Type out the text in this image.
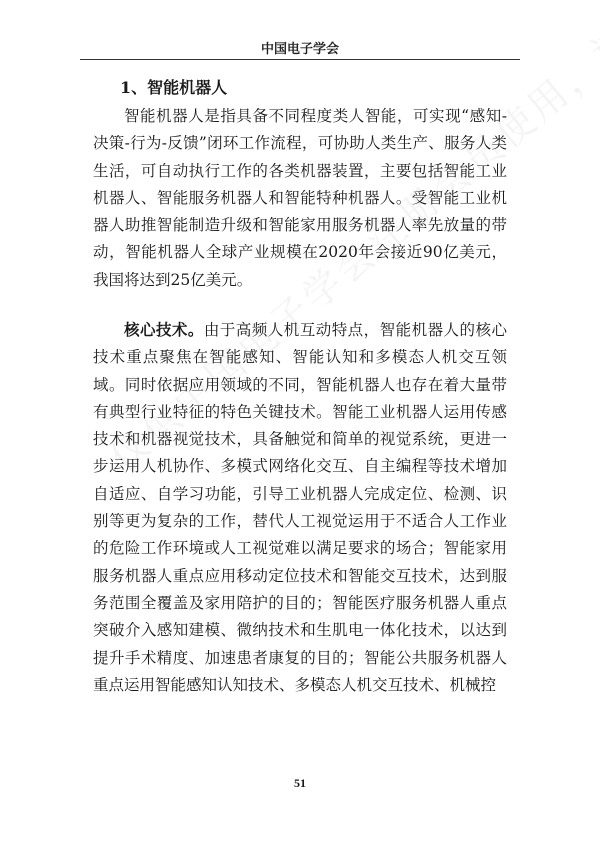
中国电子学会
1、智能机器人

智能机器人是指具备不同程度类人智能，可实现“感知-决策-行为-反馈”闭环工作流程，可协助人类生产、服务人类生活，可自动执行工作的各类机器装置，主要包括智能工业机器人、智能服务机器人和智能特种机器人。受智能工业机器人助推智能制造升级和智能家用服务机器人率先放量的带动，智能机器人全球产业规模在2020年会接近90亿美元，我国将达到25亿美元。

核心技术。由于高频人机互动特点，智能机器人的核心技术重点聚焦在智能感知、智能认知和多模态人机交互领域。同时依据应用领域的不同，智能机器人也存在着大量带有典型行业特征的特色关键技术。智能工业机器人运用传感技术和机器视觉技术，具备触觉和简单的视觉系统，更进一步运用人机协作、多模式网络化交互、自主编程等技术增加自适应、自学习功能，引导工业机器人完成定位、检测、识别等更为复杂的工作，替代人工视觉运用于不适合人工作业的危险工作环境或人工视觉难以满足要求的场合；智能家用服务机器人重点应用移动定位技术和智能交互技术，达到服务范围全覆盖及家用陪护的目的；智能医疗服务机器人重点突破介入感知建模、微纳技术和生肌电一体化技术，以达到提升手术精度、加速患者康复的目的；智能公共服务机器人重点运用智能感知认知技术、多模态人机交互技术、机械控

51
